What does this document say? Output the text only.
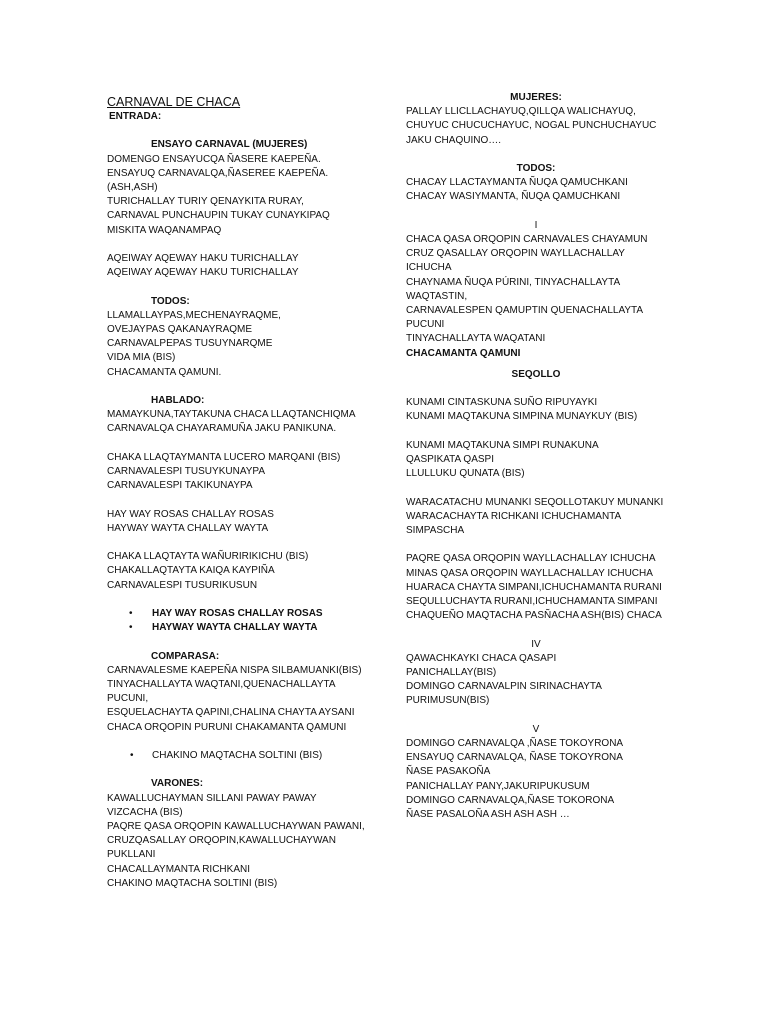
CARNAVAL DE CHACA
ENTRADA:
ENSAYO CARNAVAL (MUJERES)
DOMENGO ENSAYUCQA ÑASERE KAEPEÑA.
ENSAYUQ CARNAVALQA,ÑASEREE KAEPEÑA.
(ASH,ASH)
TURICHALLAY TURIY QENAYKITA RURAY,
CARNAVAL PUNCHAUPIN TUKAY CUNAYKIPAQ
MISKITA WAQANAMPAQ
AQEIWAY AQEWAY HAKU TURICHALLAY
AQEIWAY AQEWAY HAKU TURICHALLAY
TODOS:
LLAMALLAYPAS,MECHENAYRAQME,
OVEJAYPAS QAKANAYRAQME
CARNAVALPEPAS TUSUYNARQME
VIDA MIA (BIS)
CHACAMANTA QAMUNI.
HABLADO:
MAMAYKUNA,TAYTAKUNA CHACA LLAQTANCHIQMA
CARNAVALQA CHAYARAMUÑA JAKU PANIKUNA.
CHAKA LLAQTAYMANTA LUCERO MARQANI (BIS)
CARNAVALESPI TUSUYKUNAYPA
CARNAVALESPI TAKIKUNAYPA
HAY WAY ROSAS CHALLAY ROSAS
HAYWAY WAYTA CHALLAY WAYTA
CHAKA LLAQTAYTA WAÑURIRIKICHU (BIS)
CHAKALLAQTAYTA KAIQA KAYPIÑA
CARNAVALESPI TUSURIKUSUN
• HAY WAY ROSAS CHALLAY ROSAS
• HAYWAY WAYTA CHALLAY WAYTA
COMPARASA:
CARNAVALESME KAEPEÑA NISPA SILBAMUANKI(BIS)
TINYACHALLAYTA WAQTANI,QUENACHALLAYTA
PUCUNI,
ESQUELACHAYTA QAPINI,CHALINA CHAYTA AYSANI
CHACA ORQOPIN PURUNI CHAKAMANTA QAMUNI
• CHAKINO MAQTACHA SOLTINI (BIS)
VARONES:
KAWALLUCHAYMAN SILLANI PAWAY PAWAY
VIZCACHA (BIS)
PAQRE QASA ORQOPIN KAWALLUCHAYWAN PAWANI,
CRUZQASALLAY ORQOPIN,KAWALLUCHAYWAN
PUKLLANI
CHACALLAYMANTA RICHKANI
CHAKINO MAQTACHA SOLTINI (BIS)
MUJERES:
PALLAY LLICLLACHAYUQ,QILLQA WALICHAYUQ,
CHUYUC CHUCUCHAYUC, NOGAL PUNCHUCHAYUC
JAKU CHAQUINO….
TODOS:
CHACAY LLACTAYMANTA ÑUQA QAMUCHKANI
CHACAY WASIYMANTA, ÑUQA QAMUCHKANI
I
CHACA QASA ORQOPIN CARNAVALES CHAYAMUN
CRUZ QASALLAY ORQOPIN WAYLLACHALLAY
ICHUCHA
CHAYNAMA ÑUQA PÚRINI, TINYACHALLAYTA
WAQTASTIN,
CARNAVALESPEN QAMUPTIN QUENACHALLAYTA
PUCUNI
TINYACHALLAYTA WAQATANI
CHACAMANTA QAMUNI
SEQOLLO
KUNAMI CINTASKUNA SUÑO RIPUYAYKI
KUNAMI MAQTAKUNA SIMPINA MUNAYKUY (BIS)
KUNAMI MAQTAKUNA SIMPI RUNAKUNA
QASPIKATA QASPI
LLULLUKU QUNATA (BIS)
WARACATACHU MUNANKI SEQOLLOTAKUY MUNANKI
WARACACHAYTA RICHKANI ICHUCHAMANTA
SIMPASCHA
PAQRE QASA ORQOPIN WAYLLACHALLAY ICHUCHA
MINAS QASA ORQOPIN WAYLLACHALLAY ICHUCHA
HUARACA CHAYTA SIMPANI,ICHUCHAMANTA RURANI
SEQULLUCHAYTA RURANI,ICHUCHAMANTA SIMPANI
CHAQUEÑO MAQTACHA PASÑACHA ASH(BIS) CHACA
IV
QAWACHKAYKI CHACA QASAPI
PANICHALLAY(BIS)
DOMINGO CARNAVALPIN SIRINACHAYTA
PURIMUSUN(BIS)
V
DOMINGO CARNAVALQA ,ÑASE TOKOYRONA
ENSAYUQ CARNAVALQA, ÑASE TOKOYRONA
ÑASE PASAKOÑA
PANICHALLAY PANY,JAKURIPUKUSUM
DOMINGO CARNAVALQA,ÑASE TOKORONA
ÑASE PASALOÑA ASH ASH ASH …
